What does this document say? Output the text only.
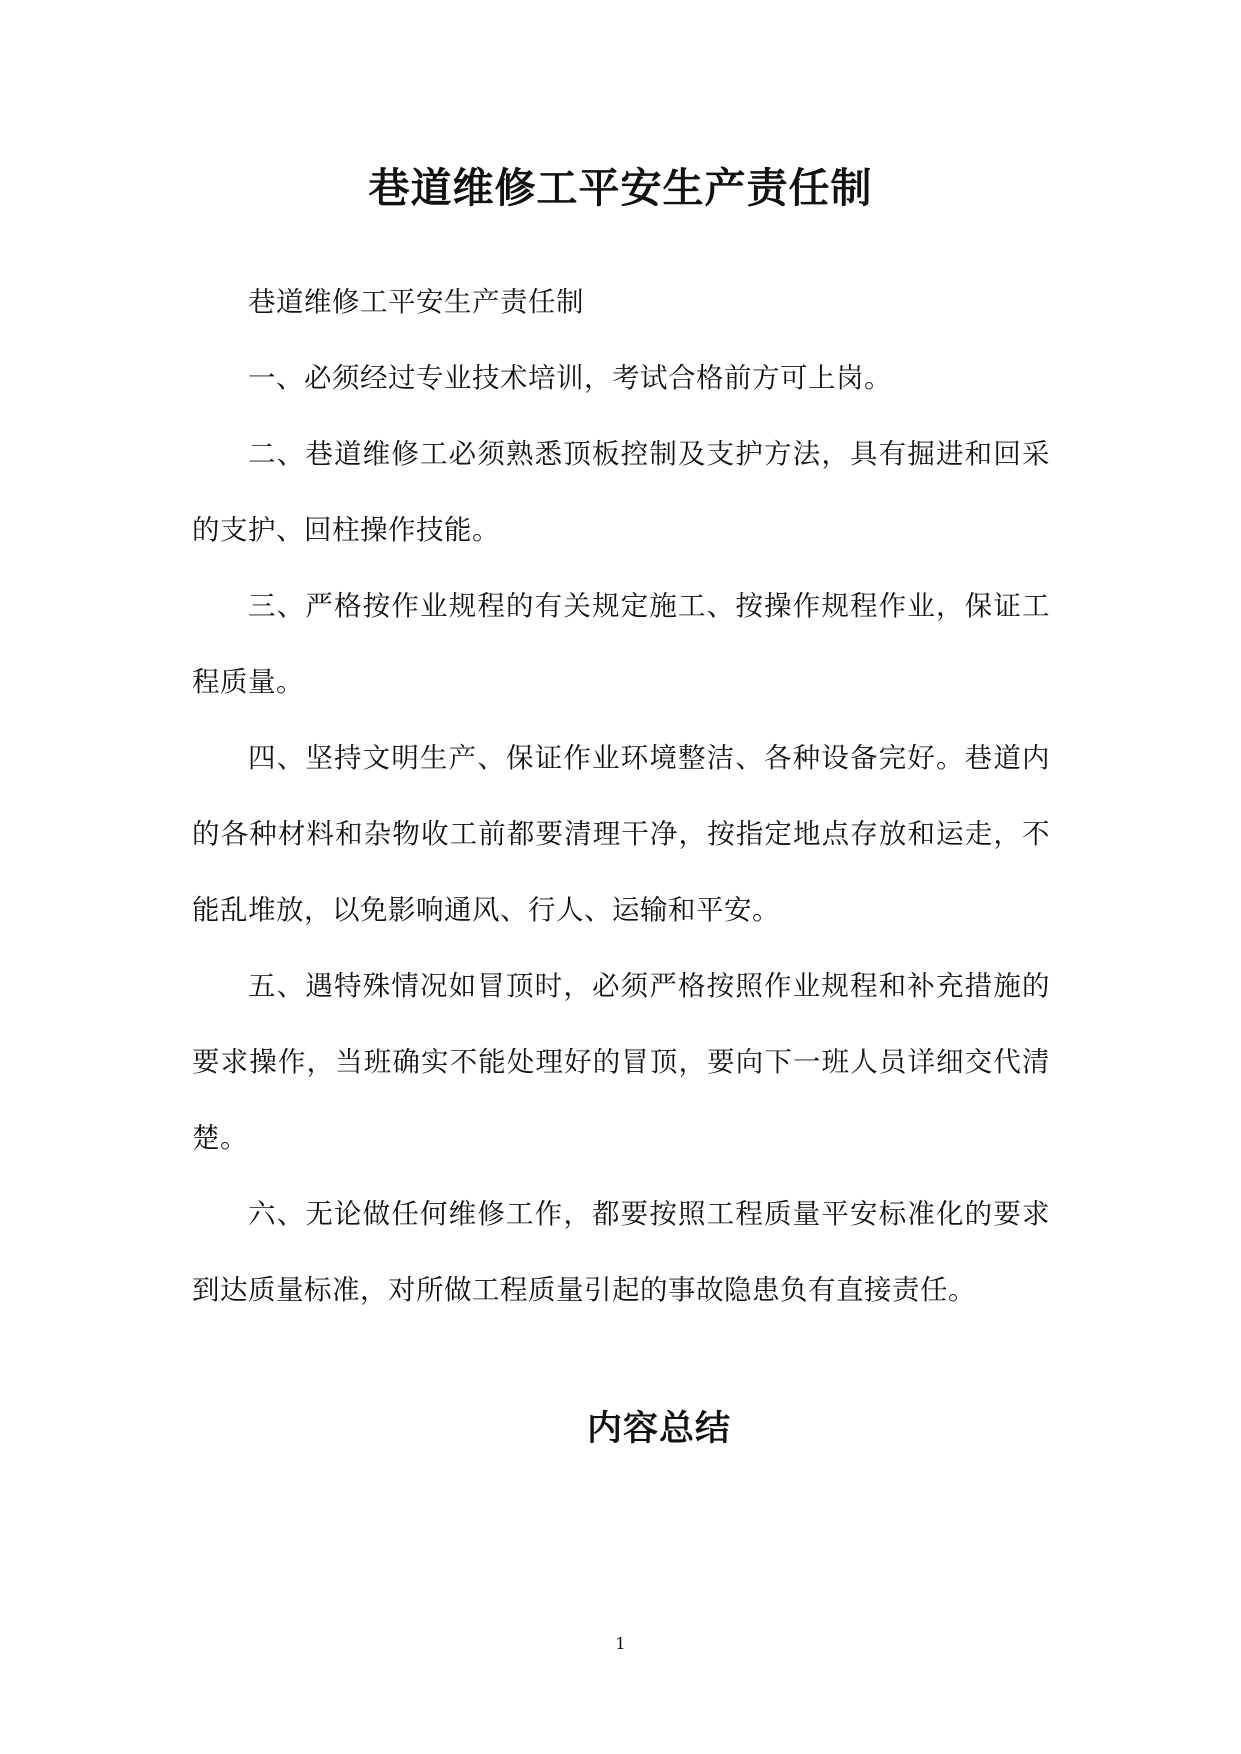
巷道维修工平安生产责任制

巷道维修工平安生产责任制

一、必须经过专业技术培训，考试合格前方可上岗。

二、巷道维修工必须熟悉顶板控制及支护方法，具有掘进和回采的支护、回柱操作技能。

三、严格按作业规程的有关规定施工、按操作规程作业，保证工程质量。

四、坚持文明生产、保证作业环境整洁、各种设备完好。巷道内的各种材料和杂物收工前都要清理干净，按指定地点存放和运走，不能乱堆放，以免影响通风、行人、运输和平安。

五、遇特殊情况如冒顶时，必须严格按照作业规程和补充措施的要求操作，当班确实不能处理好的冒顶，要向下一班人员详细交代清楚。

六、无论做任何维修工作，都要按照工程质量平安标准化的要求到达质量标准，对所做工程质量引起的事故隐患负有直接责任。

内容总结
1
